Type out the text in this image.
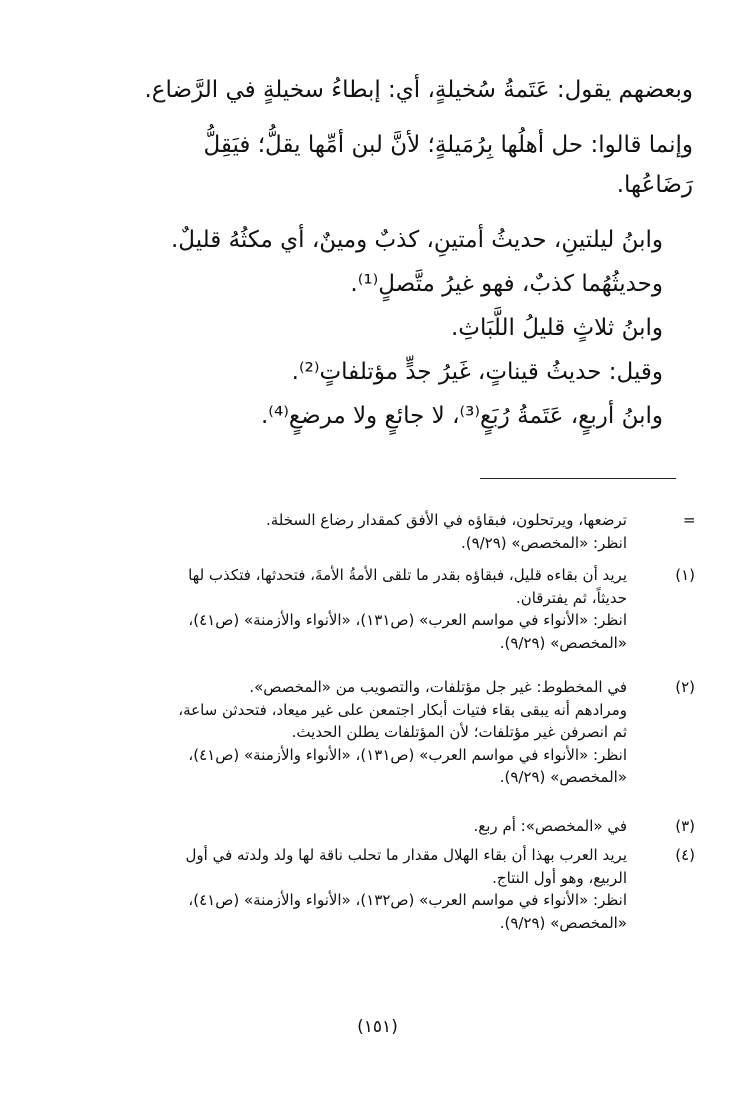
وبعضهم يقول: عَتَمةُ سُخيلةٍ، أي: إبطاءُ سخيلةٍ في الرَّضاع.
وإنما قالوا: حل أهلُها بِرُمَيلةٍ؛ لأنَّ لبن أمِّها يقلُّ؛ فيَقِلُّ
رَضَاعُها.
وابنُ ليلتينِ، حديثُ أمتينِ، كذبٌ ومينٌ، أي مكثُهُ قليلٌ.
وحديثُهُما كذبٌ، فهو غيرُ متَّصلٍ⁽¹⁾.
وابنُ ثلاثٍ قليلُ اللَّبَاثِ.
وقيل: حديثُ قيناتٍ، غَيرُ جدٍّ مؤتلفاتٍ⁽²⁾.
وابنُ أربعٍ، عَتَمةُ رُبَعٍ⁽³⁾، لا جائعٍ ولا مرضعٍ⁽⁴⁾.
=
ترضعها، ويرتحلون، فبقاؤه في الأفق كمقدار رضاع السخلة.
انظر: «المخصص» (٩/٢٩).
(١)
يريد أن بقاءه قليل، فبقاؤه بقدر ما تلقى الأمةُ الأمةَ، فتحدثها، فتكذب لها
حديثاً، ثم يفترقان.
انظر: «الأنواء في مواسم العرب» (ص١٣١)، «الأنواء والأزمنة» (ص٤١)،
«المخصص» (٩/٢٩).
(٢)
في المخطوط: غير جل مؤتلفات، والتصويب من «المخصص».
ومرادهم أنه يبقى بقاء فتيات أبكار اجتمعن على غير ميعاد، فتحدثن ساعة،
ثم انصرفن غير مؤتلفات؛ لأن المؤتلفات يطلن الحديث.
انظر: «الأنواء في مواسم العرب» (ص١٣١)، «الأنواء والأزمنة» (ص٤١)،
«المخصص» (٩/٢٩).
(٣)
في «المخصص»: أم ربع.
(٤)
يريد العرب بهذا أن بقاء الهلال مقدار ما تحلب ناقة لها ولد ولدته في أول
الربيع، وهو أول النتاج.
انظر: «الأنواء في مواسم العرب» (ص١٣٢)، «الأنواء والأزمنة» (ص٤١)،
«المخصص» (٩/٢٩).
(١٥١)
